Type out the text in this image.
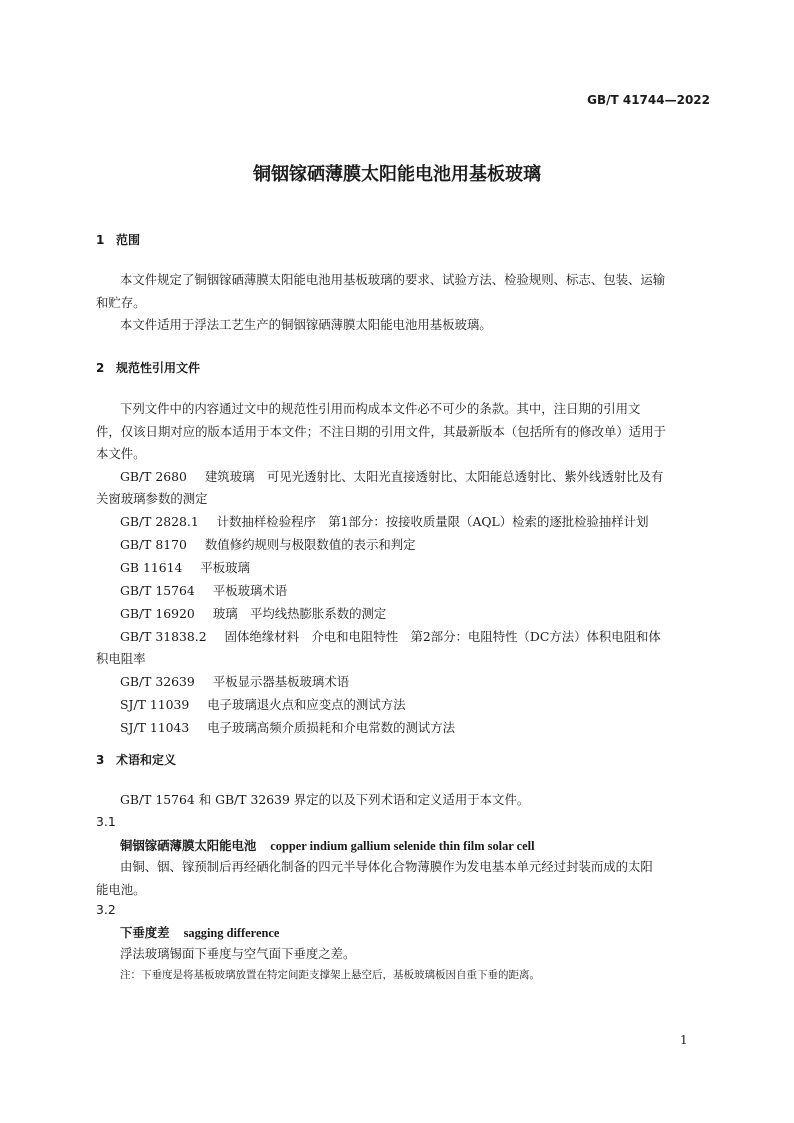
GB/T 41744—2022
铜铟镓硒薄膜太阳能电池用基板玻璃
1 范围
本文件规定了铜铟镓硒薄膜太阳能电池用基板玻璃的要求、试验方法、检验规则、标志、包装、运输
和贮存。
本文件适用于浮法工艺生产的铜铟镓硒薄膜太阳能电池用基板玻璃。
2 规范性引用文件
下列文件中的内容通过文中的规范性引用而构成本文件必不可少的条款。其中，注日期的引用文
件，仅该日期对应的版本适用于本文件；不注日期的引用文件，其最新版本（包括所有的修改单）适用于
本文件。
GB/T 2680 建筑玻璃　可见光透射比、太阳光直接透射比、太阳能总透射比、紫外线透射比及有
关窗玻璃参数的测定
GB/T 2828.1 计数抽样检验程序　第1部分：按接收质量限（AQL）检索的逐批检验抽样计划
GB/T 8170 数值修约规则与极限数值的表示和判定
GB 11614 平板玻璃
GB/T 15764 平板玻璃术语
GB/T 16920 玻璃　平均线热膨胀系数的测定
GB/T 31838.2 固体绝缘材料　介电和电阻特性　第2部分：电阻特性（DC方法）体积电阻和体
积电阻率
GB/T 32639 平板显示器基板玻璃术语
SJ/T 11039 电子玻璃退火点和应变点的测试方法
SJ/T 11043 电子玻璃高频介质损耗和介电常数的测试方法
3 术语和定义
GB/T 15764 和 GB/T 32639 界定的以及下列术语和定义适用于本文件。
3.1
铜铟镓硒薄膜太阳能电池 copper indium gallium selenide thin film solar cell
由铜、铟、镓预制后再经硒化制备的四元半导体化合物薄膜作为发电基本单元经过封装而成的太阳
能电池。
3.2
下垂度差 sagging difference
浮法玻璃锡面下垂度与空气面下垂度之差。
注：下垂度是将基板玻璃放置在特定间距支撑架上悬空后，基板玻璃板因自重下垂的距离。
1
